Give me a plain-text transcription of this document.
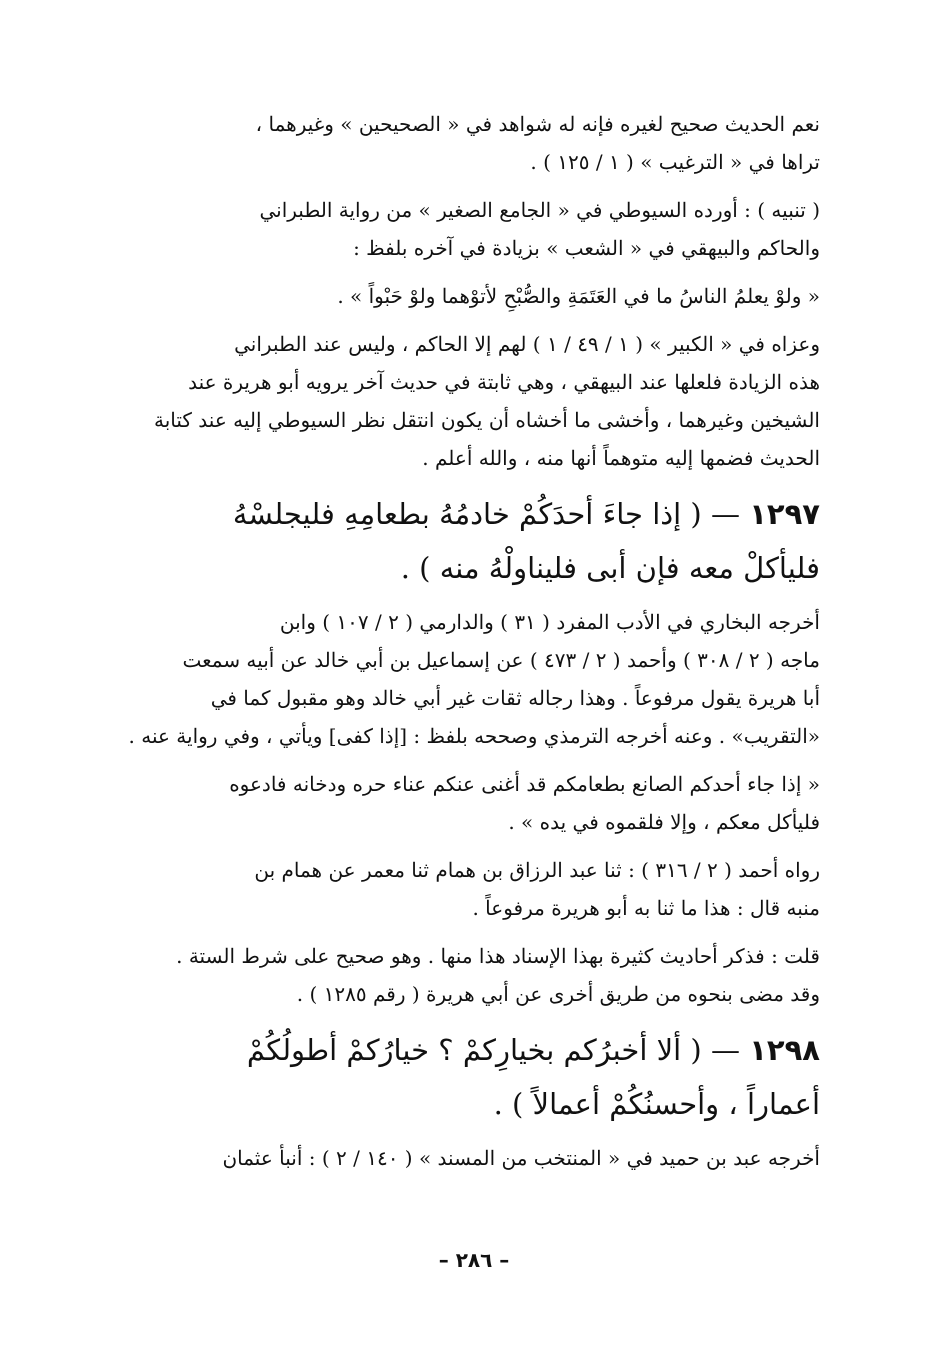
نعم الحديث صحيح لغيره فإنه له شواهد في « الصحيحين » وغيرهما ،
تراها في « الترغيب » ( ١ / ١٢٥ ) .
( تنبيه ) : أورده السيوطي في « الجامع الصغير » من رواية الطبراني
والحاكم والبيهقي في « الشعب » بزيادة في آخره بلفظ :
« ولوْ يعلمُ الناسُ ما في العَتَمَةِ والصُّبْحِ لأتوْهما ولوْ حَبْواً » .
وعزاه في « الكبير » ( ١ / ٤٩ / ١ ) لهم إلا الحاكم ، وليس عند الطبراني
هذه الزيادة فلعلها عند البيهقي ، وهي ثابتة في حديث آخر يرويه أبو هريرة عند
الشيخين وغيرهما ، وأخشى ما أخشاه أن يكون انتقل نظر السيوطي إليه عند كتابة
الحديث فضمها إليه متوهماً أنها منه ، والله أعلم .
١٢٩٧ — ( إذا جاءَ أحدَكُمْ خادمُهُ بطعامِهِ فليجلسْهُ
فليأكلْ معه فإن أبى فليناولْهُ منه ) .
أخرجه البخاري في الأدب المفرد ( ٣١ ) والدارمي ( ٢ / ١٠٧ ) وابن
ماجه ( ٢ / ٣٠٨ ) وأحمد ( ٢ / ٤٧٣ ) عن إسماعيل بن أبي خالد عن أبيه سمعت
أبا هريرة يقول مرفوعاً . وهذا رجاله ثقات غير أبي خالد وهو مقبول كما في
«التقريب» . وعنه أخرجه الترمذي وصححه بلفظ : [إذا كفى] ويأتي ، وفي رواية عنه .
« إذا جاء أحدكم الصانع بطعامكم قد أغنى عنكم عناء حره ودخانه فادعوه
فليأكل معكم ، وإلا فلقموه في يده » .
رواه أحمد ( ٢ / ٣١٦ ) : ثنا عبد الرزاق بن همام ثنا معمر عن همام بن
منبه قال : هذا ما ثنا به أبو هريرة مرفوعاً .
قلت : فذكر أحاديث كثيرة بهذا الإسناد هذا منها . وهو صحيح على شرط الستة .
وقد مضى بنحوه من طريق أخرى عن أبي هريرة ( رقم ١٢٨٥ ) .
١٢٩٨ — ( ألا أخبرُكم بخيارِكمْ ؟ خيارُكمْ أطولُكُمْ
أعماراً ، وأحسنُكُمْ أعمالاً ) .
أخرجه عبد بن حميد في « المنتخب من المسند » ( ١٤٠ / ٢ ) : أنبأ عثمان
– ٢٨٦ –
